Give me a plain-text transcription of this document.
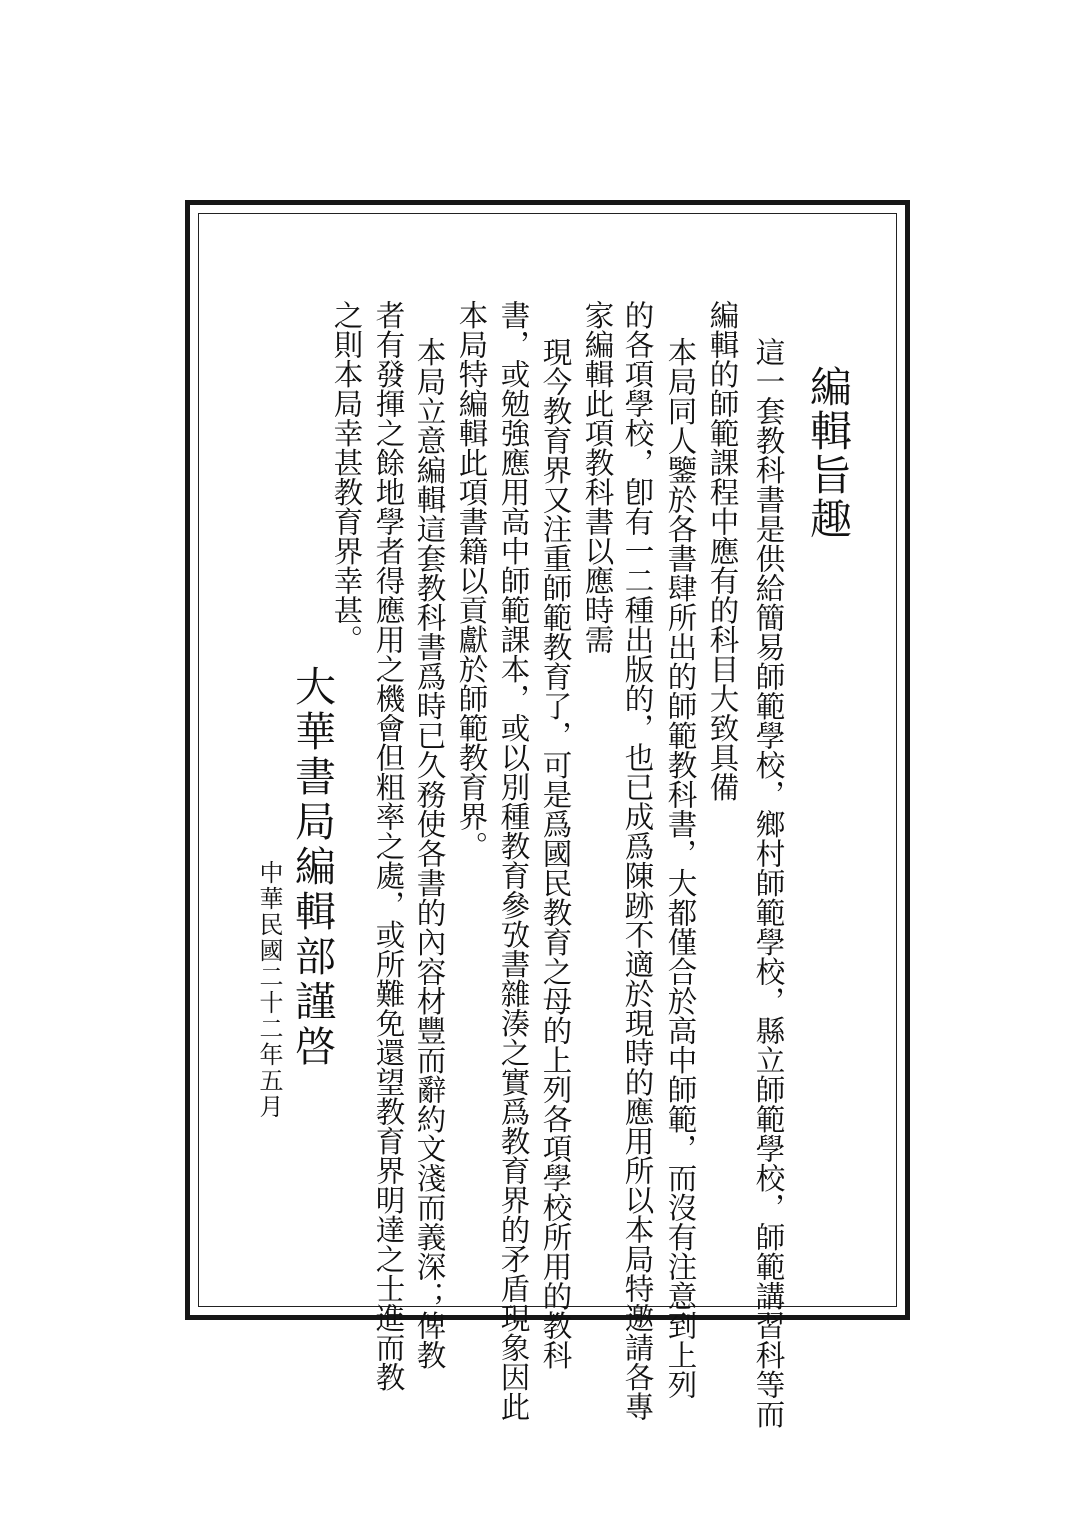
編輯旨趣
這一套教科書是供給簡易師範學校，鄉村師範學校，縣立師範學校，師範講習科等而
編輯的師範課程中應有的科目大致具備
本局同人鑒於各書肆所出的師範教科書，大都僅合於高中師範，而沒有注意到上列
的各項學校，卽有一二種出版的，也已成爲陳跡不適於現時的應用所以本局特邀請各專
家編輯此項教科書以應時需
現今教育界又注重師範教育了，可是爲國民教育之母的上列各項學校所用的教科
書，或勉強應用高中師範課本，或以別種教育參攷書雜湊之實爲教育界的矛盾現象因此
本局特編輯此項書籍以貢獻於師範教育界。
本局立意編輯這套教科書爲時已久務使各書的內容材豐而辭約文淺而義深；俾教
者有發揮之餘地學者得應用之機會但粗率之處，或所難免還望教育界明達之士進而教
之則本局幸甚教育界幸甚。
大華書局編輯部謹啓
中華民國二十二年五月
